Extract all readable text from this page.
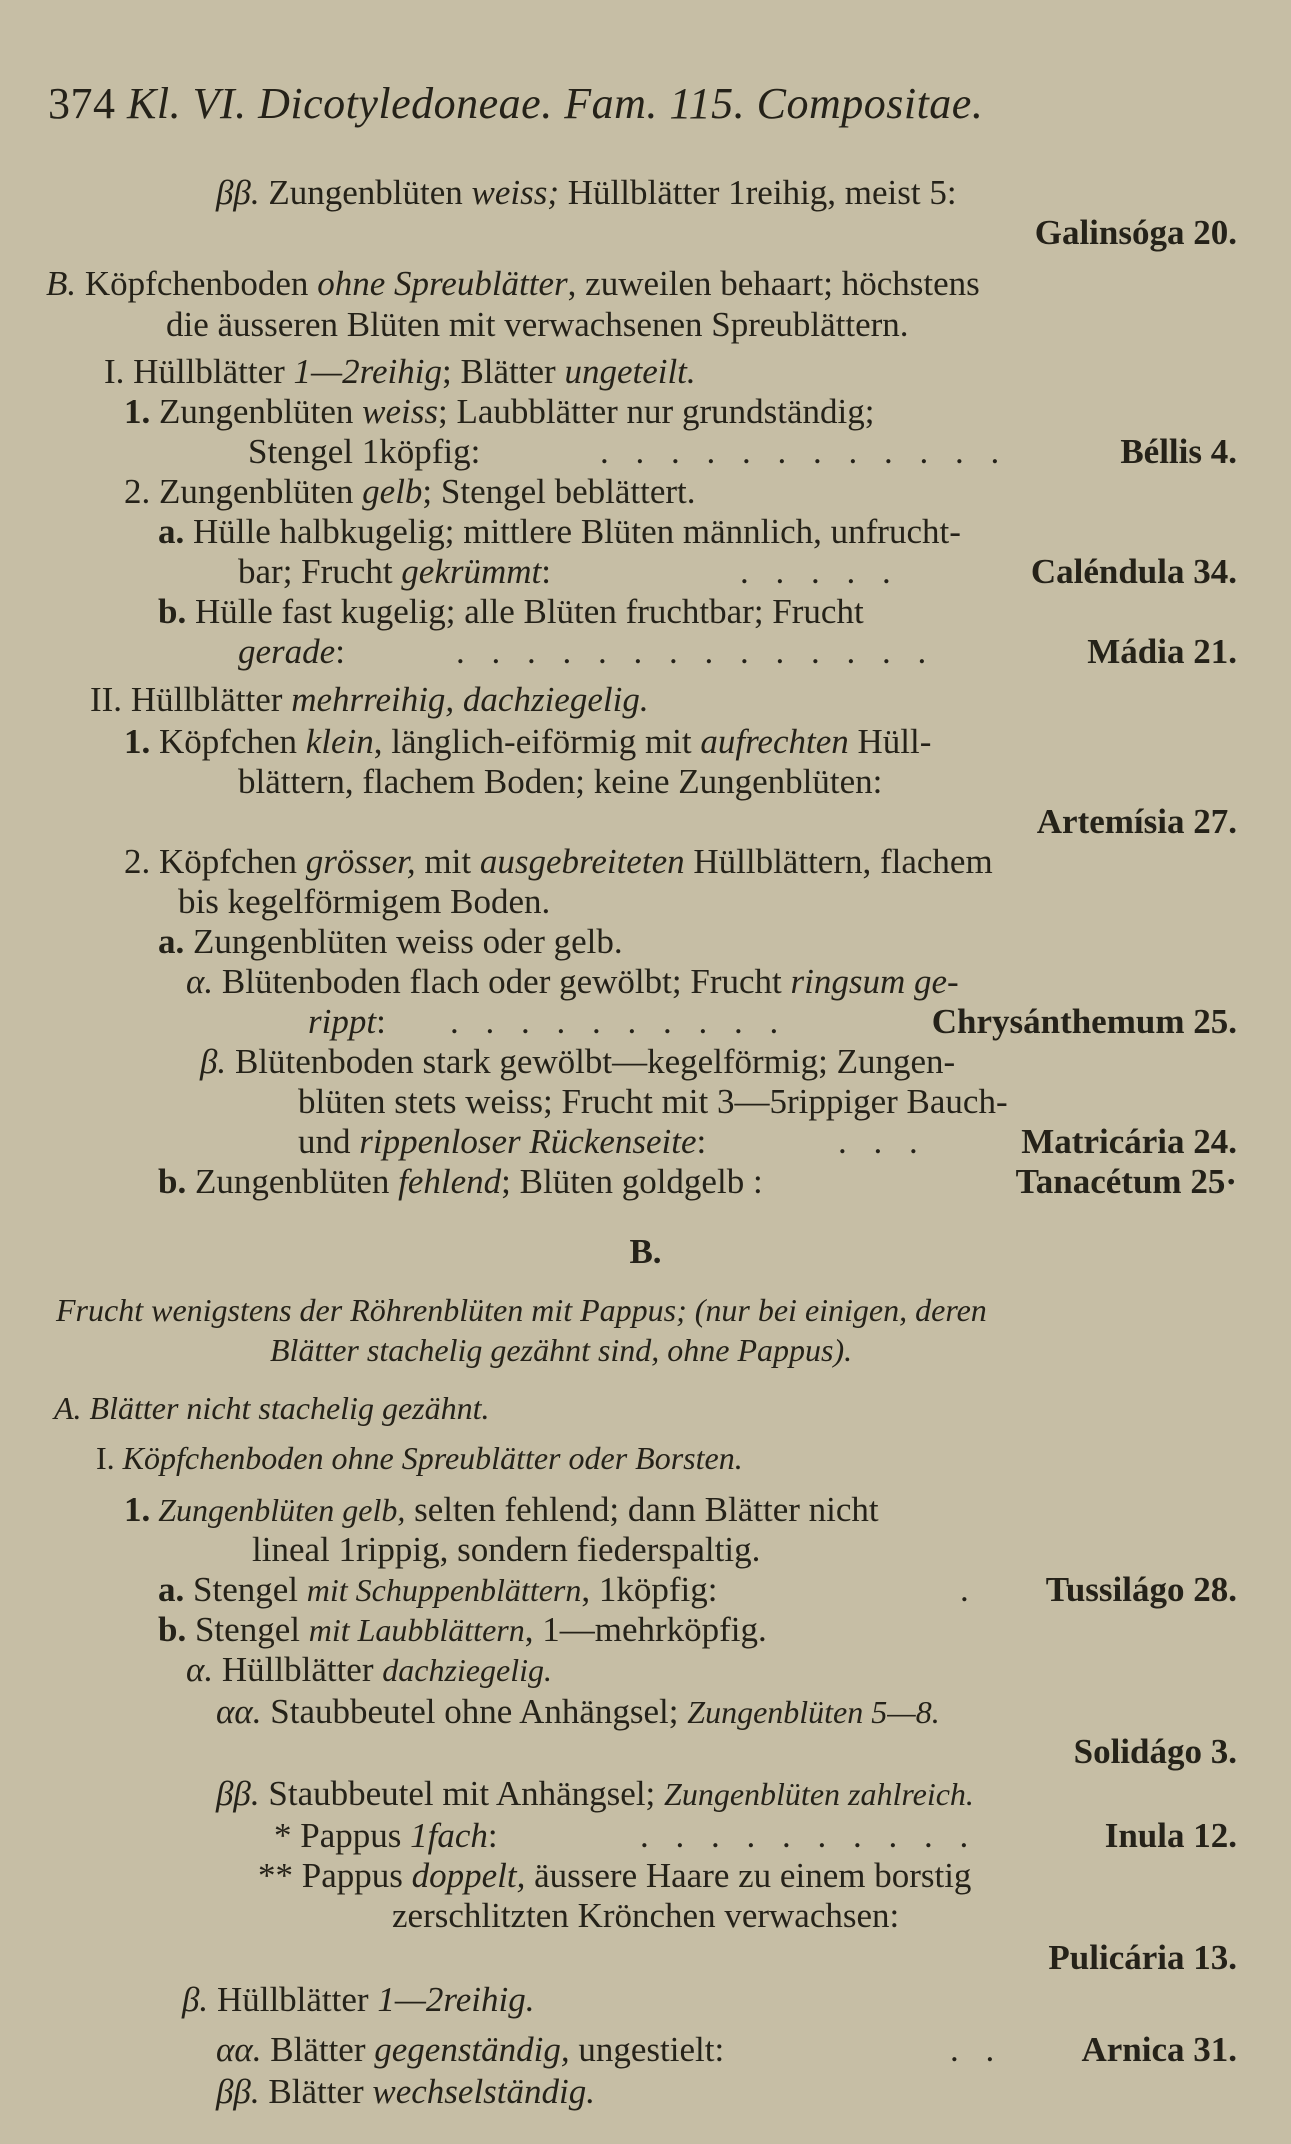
374 Kl. VI. Dicotyledoneae. Fam. 115. Compositae.
ββ. Zungenblüten weiss; Hüllblätter 1reihig, meist 5:
Galinsóga 20.
B. Köpfchenboden ohne Spreublätter, zuweilen behaart; höchstens
die äusseren Blüten mit verwachsenen Spreublättern.
I. Hüllblätter 1—2reihig; Blätter ungeteilt.
1. Zungenblüten weiss; Laubblätter nur grundständig;
Stengel 1köpfig:	. . . . . . . . . . . .	Béllis 4.
2. Zungenblüten gelb; Stengel beblättert.
a. Hülle halbkugelig; mittlere Blüten männlich, unfrucht-
bar; Frucht gekrümmt:	. . . . .	Caléndula 34.
b. Hülle fast kugelig; alle Blüten fruchtbar; Frucht
gerade:	. . . . . . . . . . . . . .	Mádia 21.
II. Hüllblätter mehrreihig, dachziegelig.
1. Köpfchen klein, länglich-eiförmig mit aufrechten Hüll-
blättern, flachem Boden; keine Zungenblüten:
Artemísia 27.
2. Köpfchen grösser, mit ausgebreiteten Hüllblättern, flachem
bis kegelförmigem Boden.
a. Zungenblüten weiss oder gelb.
α. Blütenboden flach oder gewölbt; Frucht ringsum ge-
rippt: . . . . . . . . . .	Chrysánthemum 25.
β. Blütenboden stark gewölbt—kegelförmig; Zungen-
blüten stets weiss; Frucht mit 3—5rippiger Bauch-
und rippenloser Rückenseite:	. . .	Matricária 24.
b. Zungenblüten fehlend; Blüten goldgelb :	Tanacétum 25·
B.
Frucht wenigstens der Röhrenblüten mit Pappus; (nur bei einigen, deren
Blätter stachelig gezähnt sind, ohne Pappus).
A. Blätter nicht stachelig gezähnt.
I. Köpfchenboden ohne Spreublätter oder Borsten.
1. Zungenblüten gelb, selten fehlend; dann Blätter nicht
lineal 1rippig, sondern fiederspaltig.
a. Stengel mit Schuppenblättern, 1köpfig:	. Tussilágo 28.
b. Stengel mit Laubblättern, 1—mehrköpfig.
α. Hüllblätter dachziegelig.
αα. Staubbeutel ohne Anhängsel; Zungenblüten 5—8.
Solidágo 3.
ββ. Staubbeutel mit Anhängsel; Zungenblüten zahlreich.
* Pappus 1fach:	. . . . . . . . . .	Inula 12.
** Pappus doppelt, äussere Haare zu einem borstig
zerschlitzten Krönchen verwachsen:
Pulicária 13.
β. Hüllblätter 1—2reihig.
αα. Blätter gegenständig, ungestielt:	. . Arnica 31.
ββ. Blätter wechselständig.
